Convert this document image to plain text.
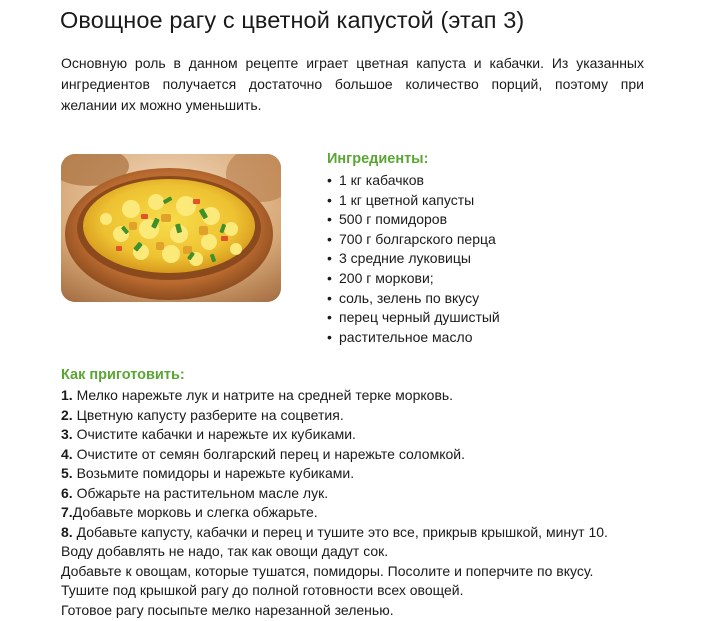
Овощное рагу с цветной капустой (этап 3)
Основную роль в данном рецепте играет цветная капуста и кабачки. Из указанных
ингредиентов получается достаточно большое количество порций, поэтому при
желании их можно уменьшить.
Ингредиенты:
• 1 кг кабачков
• 1 кг цветной капусты
• 500 г помидоров
• 700 г болгарского перца
• 3 средние луковицы
• 200 г моркови;
• соль, зелень по вкусу
• перец черный душистый
• растительное масло
Как приготовить:
1. Мелко нарежьте лук и натрите на средней терке морковь.
2. Цветную капусту разберите на соцветия.
3. Очистите кабачки и нарежьте их кубиками.
4. Очистите от семян болгарский перец и нарежьте соломкой.
5. Возьмите помидоры и нарежьте кубиками.
6. Обжарьте на растительном масле лук.
7.Добавьте морковь и слегка обжарьте.
8. Добавьте капусту, кабачки и перец и тушите это все, прикрыв крышкой, минут 10.
Воду добавлять не надо, так как овощи дадут сок.
Добавьте к овощам, которые тушатся, помидоры. Посолите и поперчите по вкусу.
Тушите под крышкой рагу до полной готовности всех овощей.
Готовое рагу посыпьте мелко нарезанной зеленью.
